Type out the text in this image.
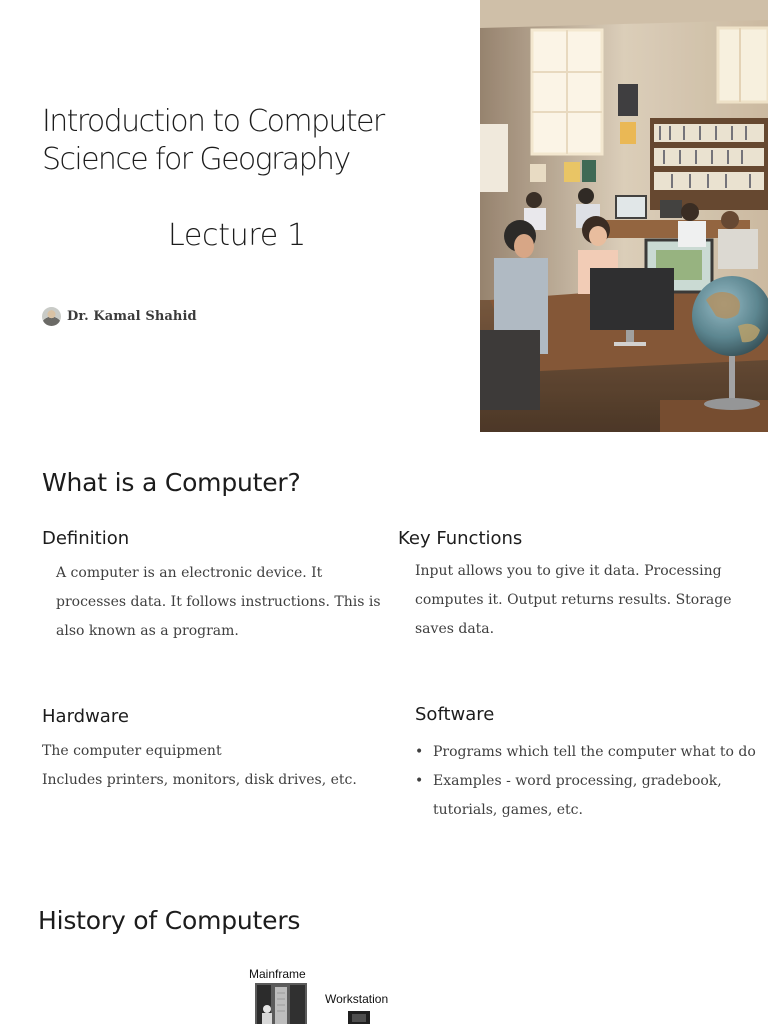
Introduction to Computer Science for Geography
Lecture 1
Dr. Kamal Shahid
What is a Computer?
Definition

A computer is an electronic device. It processes data. It follows instructions. This is also known as a program.

Key Functions

Input allows you to give it data. Processing computes it. Output returns results. Storage saves data.

Hardware
The computer equipment
Includes printers, monitors, disk drives, etc.
Software
• Programs which tell the computer what to do
• Examples - word processing, gradebook, tutorials, games, etc.
History of Computers
Mainframe
Workstation
